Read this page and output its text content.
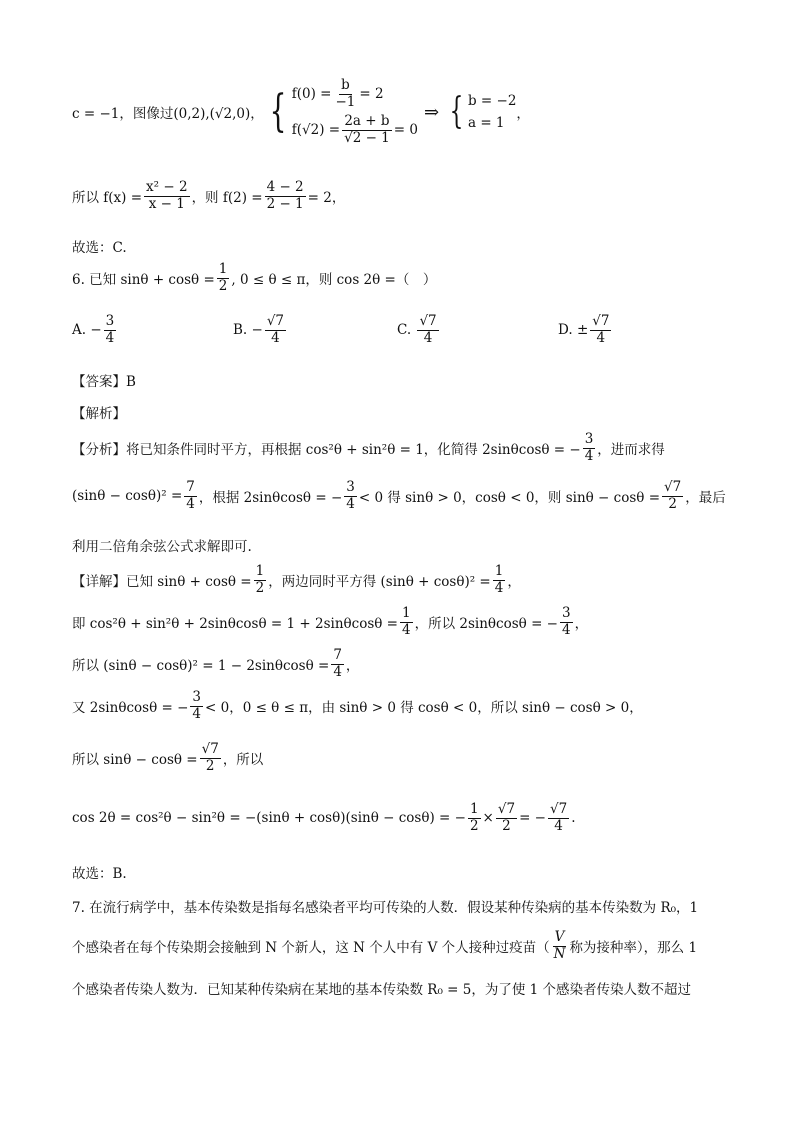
c = −1，图像过(0,2),(√2,0)， { $f(0) = \frac{b}{-1} = 2$
$f(√2) = \frac{2a + b}{√2 - 1} = 0$
⇒ { b = −2
a = 1
，
所以 $f(x) = \frac{\text{x² − 2}}{x - 1}$ ，则 $f(2) = \frac{4 - 2}{2 - 1} = 2$，
故选：C.
6. 已知 $\sin\theta + \cos\theta = \frac{1}{2}$ , 0 ≤ θ ≤ π，则 cos 2θ =（　）
A.
− $\frac{3}{4}$	B.
− $\frac{√7}{4}$	C.
$\frac{√7}{4}$	D.
± $\frac{√7}{4}$
【答案】B
【解析】
【分析】将已知条件同时平方，再根据 cos²θ + sin²θ = 1，化简得 2sinθcosθ = − $\frac{3}{4}$ ，进而求得
$(\sin\theta - \cos\theta)^2 = \frac{7}{4}$ ，根据 2sinθcosθ = − $\frac{3}{4} < 0$ 得 sinθ > 0，cosθ < 0，则 $\sin\theta - \cos\theta = \frac{√7}{2}$ ，最后
利用二倍角余弦公式求解即可.
【详解】已知 $\sin\theta + \cos\theta = \frac{1}{2}$ ，两边同时平方得 $(\sin\theta + \cos\theta)^2 = \frac{1}{4}$ ，
即 $\cos^2\theta + \sin^2\theta + 2\sin\theta\cos\theta = 1 + 2\sin\theta\cos\theta = \frac{1}{4}$ ，所以 2sinθcosθ = − $\frac{3}{4}$ ，
所以 $(\sin\theta - \cos\theta)^2 = 1 - 2\sin\theta\cos\theta = \frac{7}{4}$ ，
又 2sinθcosθ = − $\frac{3}{4} < 0$，0 ≤ θ ≤ π，由 sinθ > 0 得 cosθ < 0，所以 sinθ − cosθ > 0，
所以 $\sin\theta - \cos\theta = \frac{√7}{2}$ ，所以
cos 2θ = cos²θ − sin²θ = −(sinθ + cosθ)(sinθ − cosθ) = − $\frac{1}{2} \times \frac{√7}{2}$ = − $\frac{√7}{4}$ .
故选：B.
7. 在流行病学中，基本传染数是指每名感染者平均可传染的人数．假设某种传染病的基本传染数为 R₀，1
个感染者在每个传染期会接触到 N 个新人，这 N 个人中有 V 个人接种过疫苗（ $\frac{V}{N}$ 称为接种率），那么 1
个感染者传染人数为．已知某种传染病在某地的基本传染数 R₀ = 5，为了使 1 个感染者传染人数不超过
